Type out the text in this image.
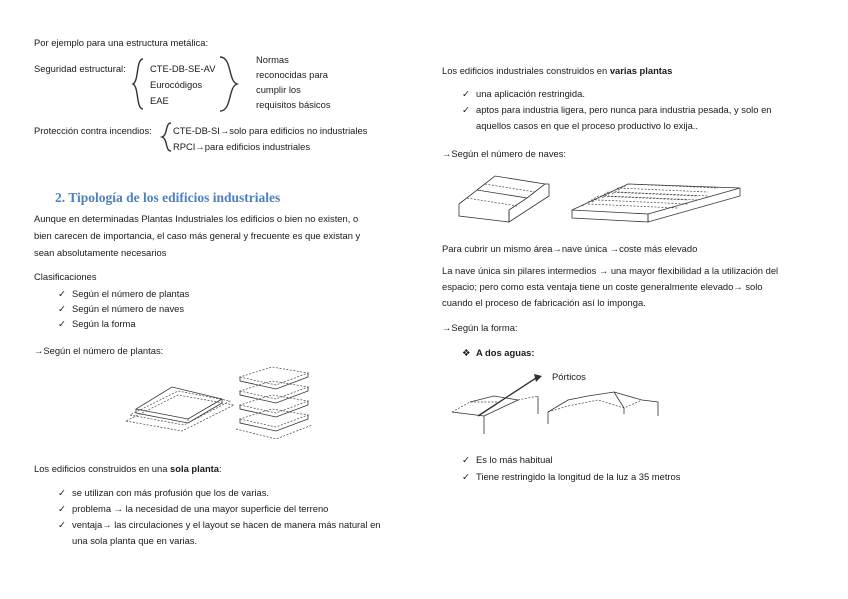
Por ejemplo para una estructura metálica:
Seguridad estructural:	CTE-DB-SE-AV
Eurocódigos
EAE
Normas
reconocidas para
cumplir los
requisitos básicos
Protección contra incendios: CTE-DB-SI→solo para edificios no industriales
RPCI→para edificios industriales
2. Tipología de los edificios industriales
Aunque en determinadas Plantas Industriales los edificios o bien no existen, o
bien carecen de importancia, el caso más general y frecuente es que existan y
sean absolutamente necesarios
Clasificaciones
✓ Según el número de plantas
✓ Según el número de naves
✓ Según la forma
→Según el número de plantas:
Los edificios construidos en una sola planta:
✓ se utilizan con más profusión que los de varias.
✓ problema → la necesidad de una mayor superficie del terreno
✓ ventaja→ las circulaciones y el layout se hacen de manera más natural en
una sola planta que en varias.
Los edificios industriales construidos en varias plantas
✓ una aplicación restringida.
✓ aptos para industria ligera, pero nunca para industria pesada, y solo en
aquellos casos en que el proceso productivo lo exija..
→Según el número de naves:
Para cubrir un mismo área→nave única →coste más elevado
La nave única sin pilares intermedios → una mayor flexibilidad a la utilización del
espacio; pero como esta ventaja tiene un coste generalmente elevado→ solo
cuando el proceso de fabricación así lo imponga.
→Según la forma:
❖ A dos aguas:
Pórticos
✓ Es lo más habitual
✓ Tiene restringido la longitud de la luz a 35 metros
